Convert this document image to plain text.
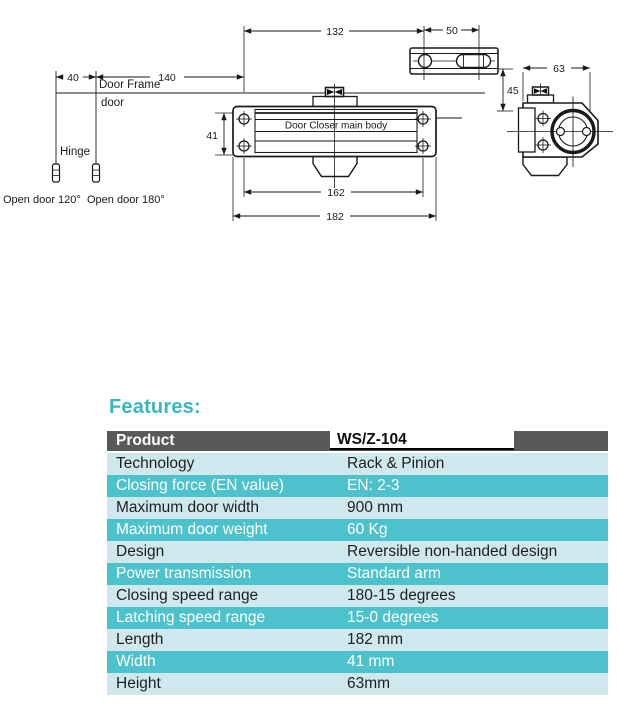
40	140
132	50
45
41
63
162
182
Door Frame
door
Hinge
Open door 120° Open door 180°
Door Closer main body
Features:
Product	WS/Z-104
Technology	Rack & Pinion
Closing force (EN value)	EN: 2-3
Maximum door width	900 mm
Maximum door weight	60 Kg
Design	Reversible non-handed design
Power transmission	Standard arm
Closing speed range	180-15 degrees
Latching speed range	15-0 degrees
Length	182 mm
Width	41 mm
Height	63mm
